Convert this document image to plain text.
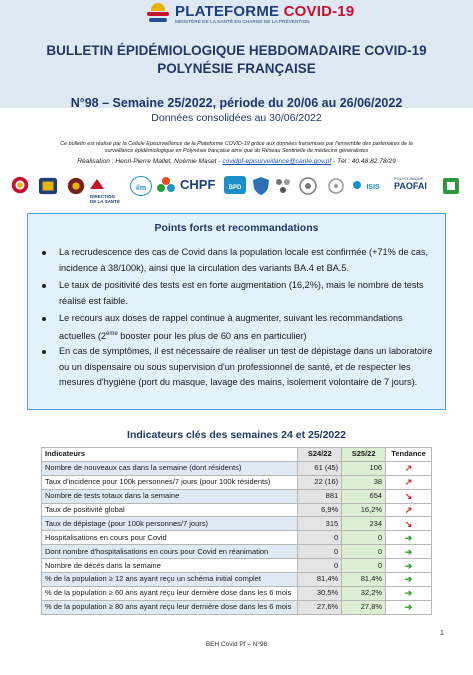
PLATEFORME COVID-19
MINISTÈRE DE LA SANTÉ EN CHARGE DE LA PRÉVENTION
BULLETIN ÉPIDÉMIOLOGIQUE HEBDOMADAIRE COVID-19
POLYNÉSIE FRANÇAISE
N°98 – Semaine 25/2022, période du 20/06 au 26/06/2022
Données consolidées au 30/06/2022
Ce bulletin est réalisé par la Cellule Episurveillance de la Plateforme COVID-19 grâce aux données transmises par l'ensemble des partenaires de la
surveillance épidémiologique en Polynésie française ainsi que du Réseau Sentinelle de médecins généralistes
Réalisation : Henri-Pierre Mallet, Noémie Maset - covidpf-episurveillance@sante.gov.pf - Tél : 40.48.82.78/29
DIRECTION DE LA SANTÉ
ilm	CHPF	BPD	ISIS
POLYCLINIQUE
PAOFAI
Points forts et recommandations
La recrudescence des cas de Covid dans la population locale est confirmée (+71% de cas, incidence à 38/100k), ainsi que la circulation des variants BA.4 et BA.5.
Le taux de positivité des tests est en forte augmentation (16,2%), mais le nombre de tests réalisé est faible.
Le recours aux doses de rappel continue à augmenter, suivant les recommandations actuelles (2ème booster pour les plus de 60 ans en particulier)
En cas de symptômes, il est nécessaire de réaliser un test de dépistage dans un laboratoire ou un dispensaire ou sous supervision d'un professionnel de santé, et de respecter les mesures d'hygiène (port du masque, lavage des mains, isolement volontaire de 7 jours).
Indicateurs clés des semaines 24 et 25/2022
Indicateurs	S24/22	S25/22	Tendance
Nombre de nouveaux cas dans la semaine (dont résidents)	61 (45)	106	↗
Taux d'incidence pour 100k personnes/7 jours (pour 100k résidents)	22 (16)	38	↗
Nombre de tests totaux dans la semaine	881	654	↘
Taux de positivité global	6,9%	16,2%	↗
Taux de dépistage (pour 100k personnes/7 jours)	315	234	↘
Hospitalisations en cours pour Covid	0	0	➔
Dont nombre d'hospitalisations en cours pour Covid en réanimation	0	0	➔
Nombre de décès dans la semaine	0	0	➔
% de la population ≥ 12 ans ayant reçu un schéma initial complet	81,4%	81,4%	➔
% de la population ≥ 60 ans ayant reçu leur dernière dose dans les 6 mois	30,5%	32,2%	➔
% de la population ≥ 80 ans ayant reçu leur dernière dose dans les 6 mois	27,6%	27,8%	➔
1
BEH Covid Pf – N°98
